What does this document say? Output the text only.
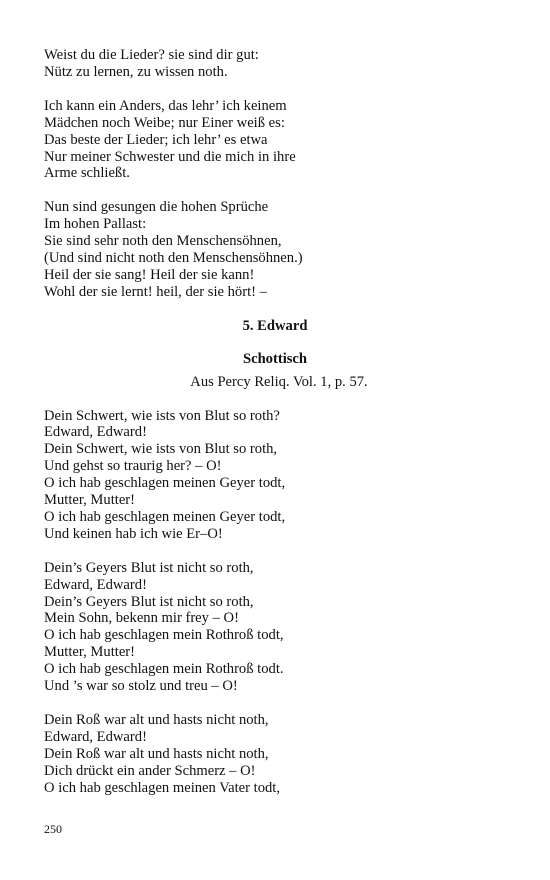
Weist du die Lieder? sie sind dir gut:
Nütz zu lernen, zu wissen noth.
Ich kann ein Anders, das lehr’ ich keinem
Mädchen noch Weibe; nur Einer weiß es:
Das beste der Lieder; ich lehr’ es etwa
Nur meiner Schwester und die mich in ihre
Arme schließt.
Nun sind gesungen die hohen Sprüche
Im hohen Pallast:
Sie sind sehr noth den Menschensöhnen,
(Und sind nicht noth den Menschensöhnen.)
Heil der sie sang! Heil der sie kann!
Wohl der sie lernt! heil, der sie hört! –
5. Edward
Schottisch
Aus Percy Reliq. Vol. 1, p. 57.
Dein Schwert, wie ists von Blut so roth?
Edward, Edward!
Dein Schwert, wie ists von Blut so roth,
Und gehst so traurig her? – O!
O ich hab geschlagen meinen Geyer todt,
Mutter, Mutter!
O ich hab geschlagen meinen Geyer todt,
Und keinen hab ich wie Er–O!
Dein’s Geyers Blut ist nicht so roth,
Edward, Edward!
Dein’s Geyers Blut ist nicht so roth,
Mein Sohn, bekenn mir frey – O!
O ich hab geschlagen mein Rothroß todt,
Mutter, Mutter!
O ich hab geschlagen mein Rothroß todt.
Und ’s war so stolz und treu – O!
Dein Roß war alt und hasts nicht noth,
Edward, Edward!
Dein Roß war alt und hasts nicht noth,
Dich drückt ein ander Schmerz – O!
O ich hab geschlagen meinen Vater todt,
250
